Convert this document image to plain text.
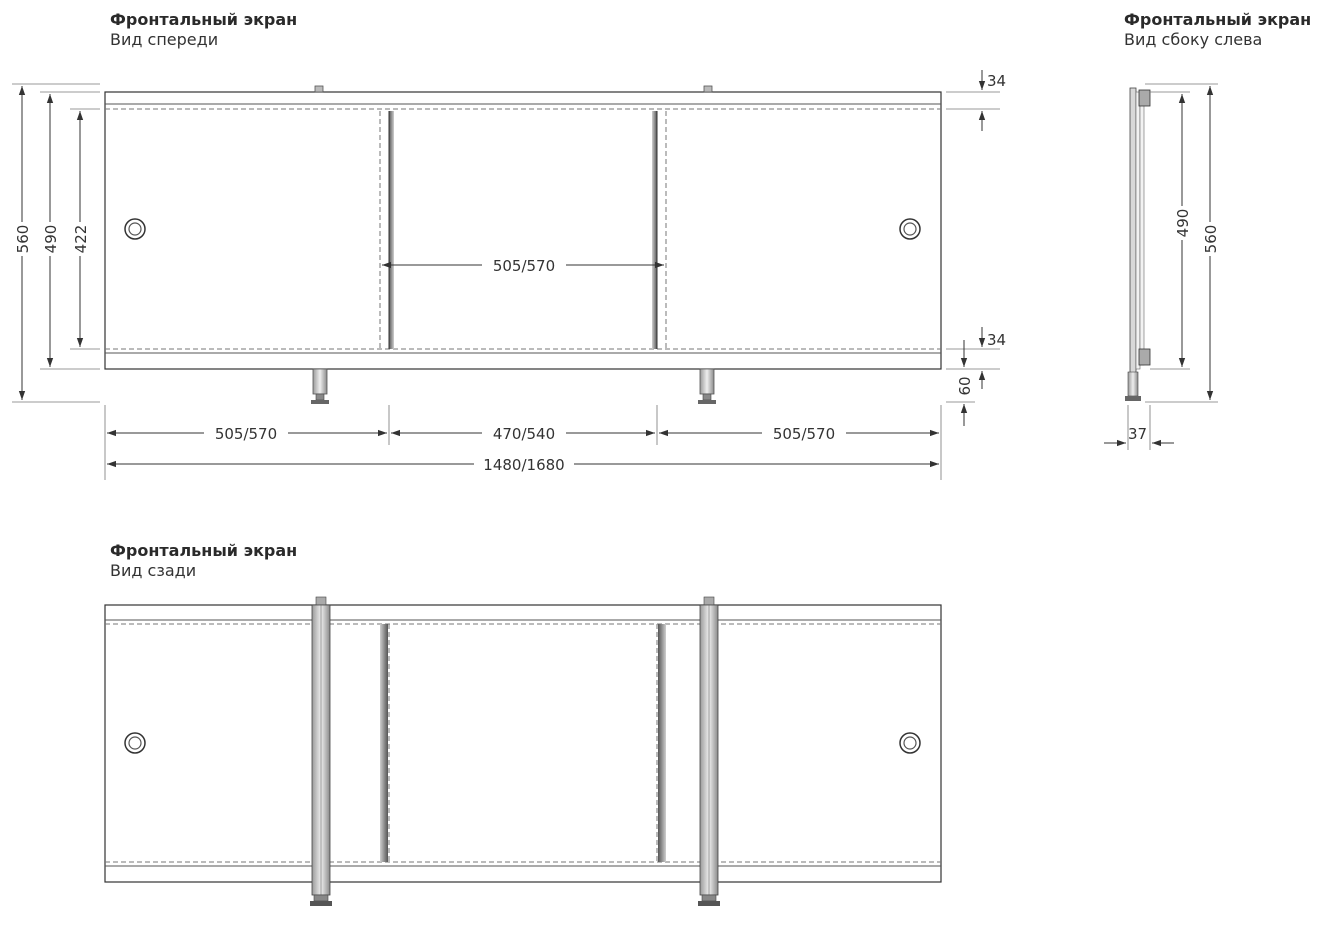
Фронтальный экран
Вид спереди
Фронтальный экран
Вид сбоку слева
Фронтальный экран
Вид сзади
560 490 422
34
34
60
505/570
505/570	470/540	505/570
1480/1680
490
560
37
